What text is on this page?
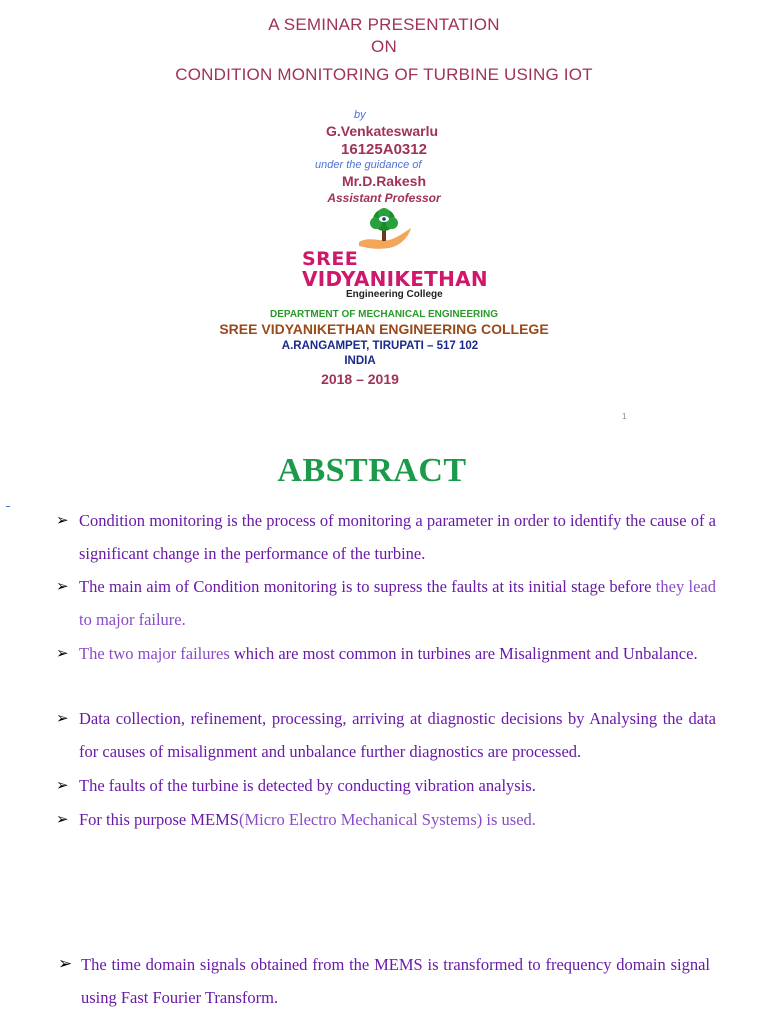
A SEMINAR PRESENTATION
ON
CONDITION MONITORING OF TURBINE USING IOT
by
G.Venkateswarlu
16125A0312
under the guidance of
Mr.D.Rakesh
Assistant Professor
SREE
VIDYANIKETHAN
Engineering College
DEPARTMENT OF MECHANICAL ENGINEERING
SREE VIDYANIKETHAN ENGINEERING COLLEGE
A.RANGAMPET, TIRUPATI – 517 102
INDIA
2018 – 2019
1
ABSTRACT
➢ Condition monitoring is the process of monitoring a parameter in order to identify the cause of a significant change in the performance of the turbine.
➢ The main aim of Condition monitoring is to supress the faults at its initial stage before they lead to major failure.
➢ The two major failures which are most common in turbines are Misalignment and Unbalance.
➢ Data collection, refinement, processing, arriving at diagnostic decisions by Analysing the data for causes of misalignment and unbalance further diagnostics are processed.
➢ The faults of the turbine is detected by conducting vibration analysis.
➢ For this purpose MEMS(Micro Electro Mechanical Systems) is used.
➢ The time domain signals obtained from the MEMS is transformed to frequency domain signal using Fast Fourier Transform.
